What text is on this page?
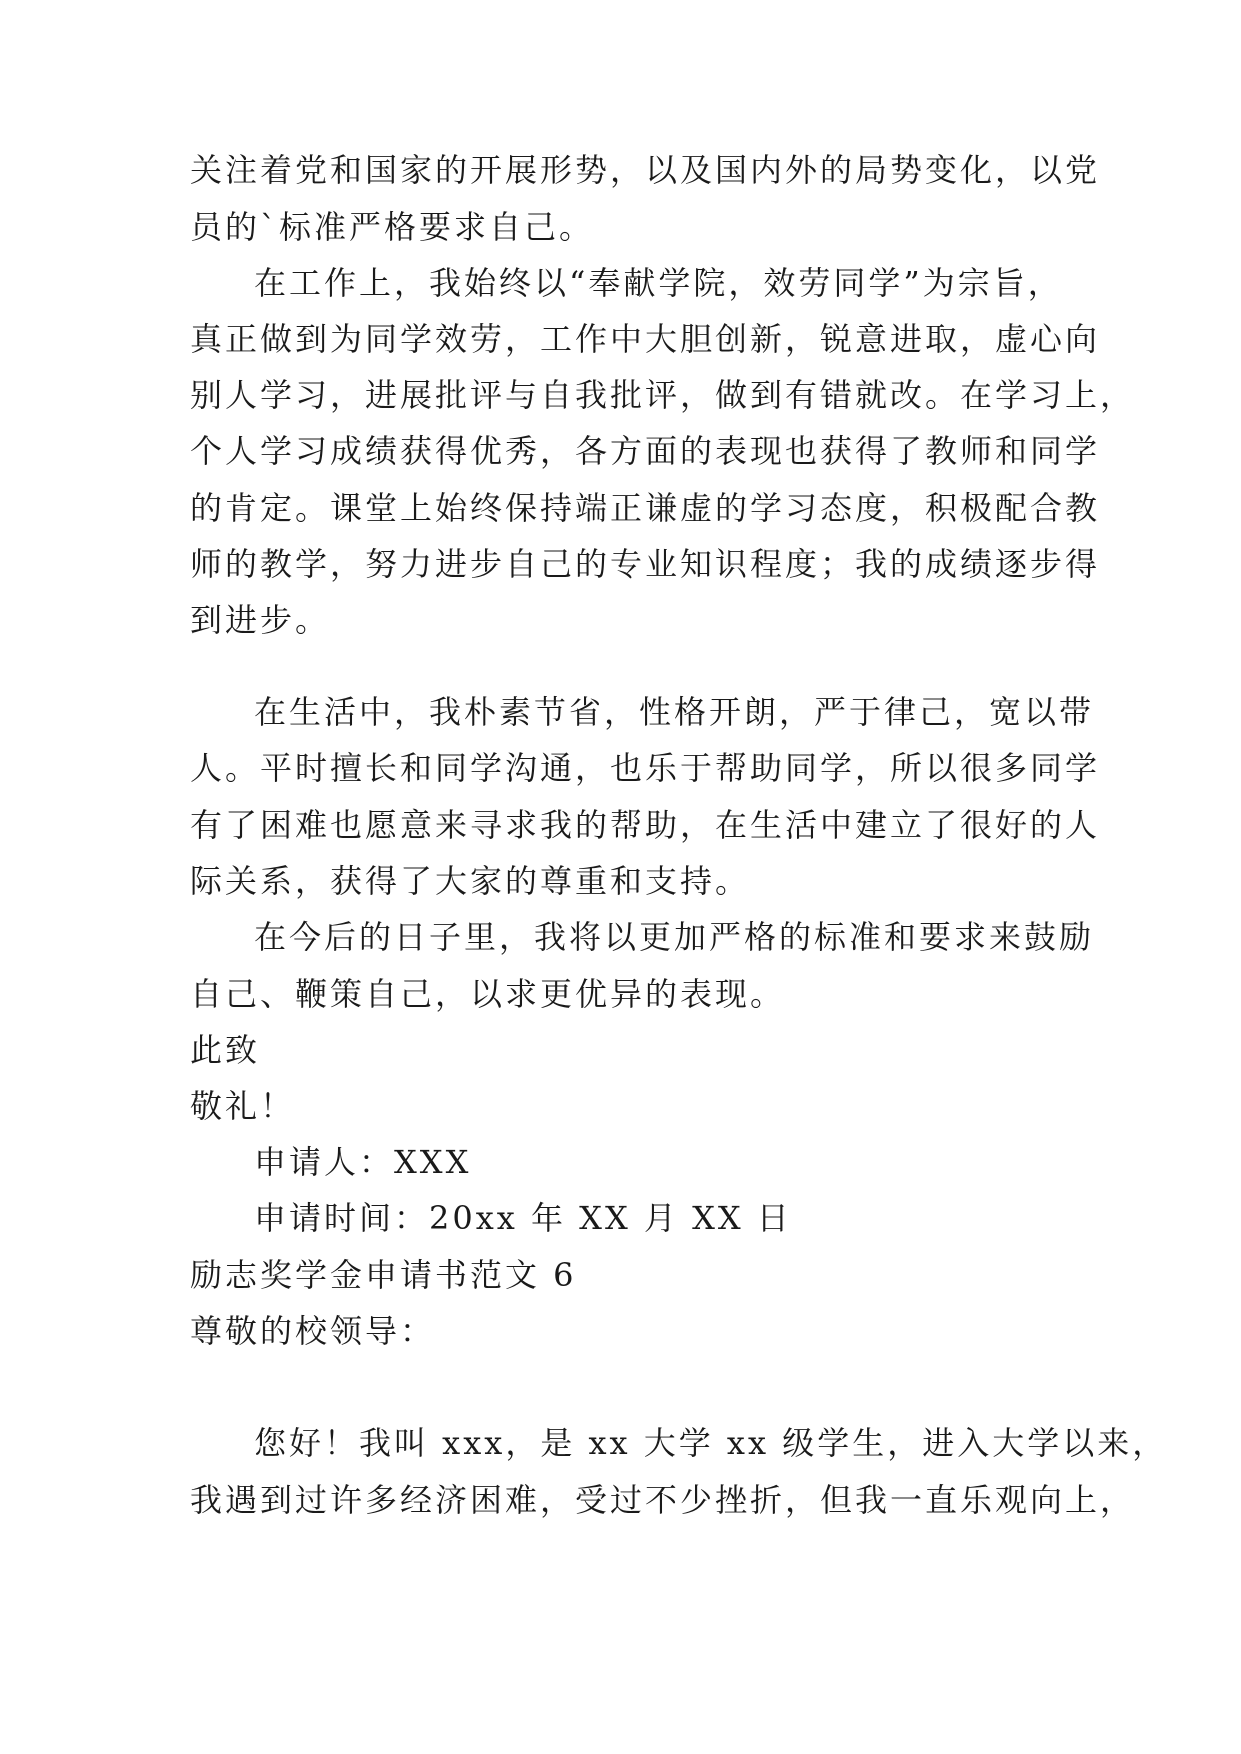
关注着党和国家的开展形势，以及国内外的局势变化，以党
员的`标准严格要求自己。
在工作上，我始终以“奉献学院，效劳同学”为宗旨，
真正做到为同学效劳，工作中大胆创新，锐意进取，虚心向
别人学习，进展批评与自我批评，做到有错就改。在学习上，
个人学习成绩获得优秀，各方面的表现也获得了教师和同学
的肯定。课堂上始终保持端正谦虚的学习态度，积极配合教
师的教学，努力进步自己的专业知识程度；我的成绩逐步得
到进步。
在生活中，我朴素节省，性格开朗，严于律己，宽以带
人。平时擅长和同学沟通，也乐于帮助同学，所以很多同学
有了困难也愿意来寻求我的帮助，在生活中建立了很好的人
际关系，获得了大家的尊重和支持。
在今后的日子里，我将以更加严格的标准和要求来鼓励
自己、鞭策自己，以求更优异的表现。
此致
敬礼！
申请人：XXX
申请时间：20xx 年 XX 月 XX 日
励志奖学金申请书范文 6
尊敬的校领导：
您好！我叫 xxx，是 xx 大学 xx 级学生，进入大学以来，
我遇到过许多经济困难，受过不少挫折，但我一直乐观向上，
